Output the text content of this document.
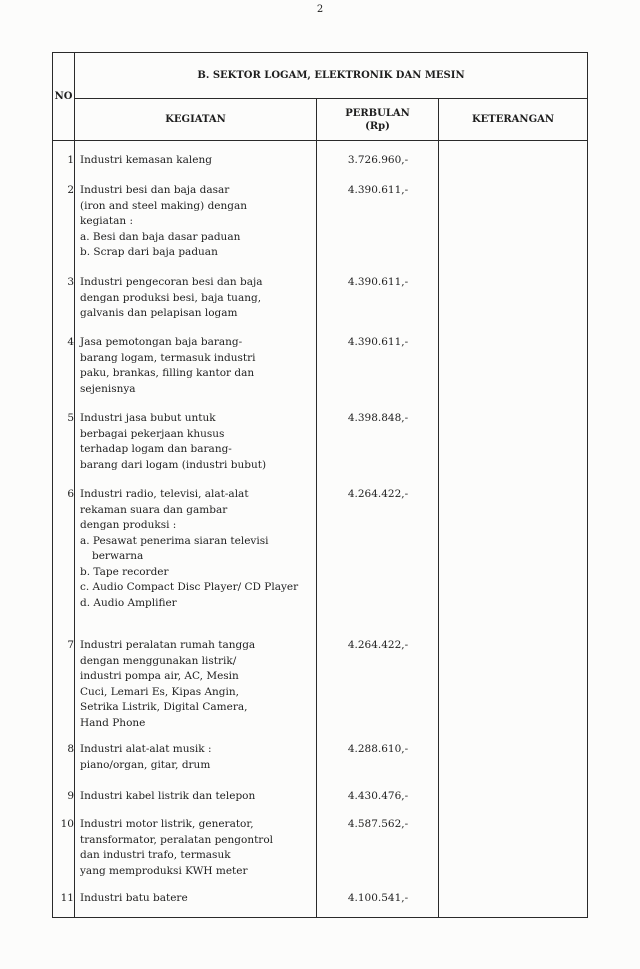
2
NO
B. SEKTOR LOGAM, ELEKTRONIK DAN MESIN
KEGIATAN
PERBULAN
(Rp)
KETERANGAN
1 Industri kemasan kaleng	3.726.960,-
2 Industri besi dan baja dasar
(iron and steel making) dengan
kegiatan :
a. Besi dan baja dasar paduan
b. Scrap dari baja paduan
4.390.611,-
3 Industri pengecoran besi dan baja
dengan produksi besi, baja tuang,
galvanis dan pelapisan logam
4.390.611,-
4 Jasa pemotongan baja barang-
barang logam, termasuk industri
paku, brankas, filling kantor dan
sejenisnya
4.390.611,-
5 Industri jasa bubut untuk
berbagai pekerjaan khusus
terhadap logam dan barang-
barang dari logam (industri bubut)
4.398.848,-
6 Industri radio, televisi, alat-alat
rekaman suara dan gambar
dengan produksi :
a. Pesawat penerima siaran televisi berwarna
b. Tape recorder
c. Audio Compact Disc Player/ CD Player
d. Audio Amplifier
4.264.422,-
7 Industri peralatan rumah tangga
dengan menggunakan listrik/
industri pompa air, AC, Mesin
Cuci, Lemari Es, Kipas Angin,
Setrika Listrik, Digital Camera,
Hand Phone
4.264.422,-
8 Industri alat-alat musik :
piano/organ, gitar, drum
4.288.610,-
9 Industri kabel listrik dan telepon	4.430.476,-
10 Industri motor listrik, generator,
transformator, peralatan pengontrol
dan industri trafo, termasuk
yang memproduksi KWH meter
4.587.562,-
11 Industri batu batere	4.100.541,-
